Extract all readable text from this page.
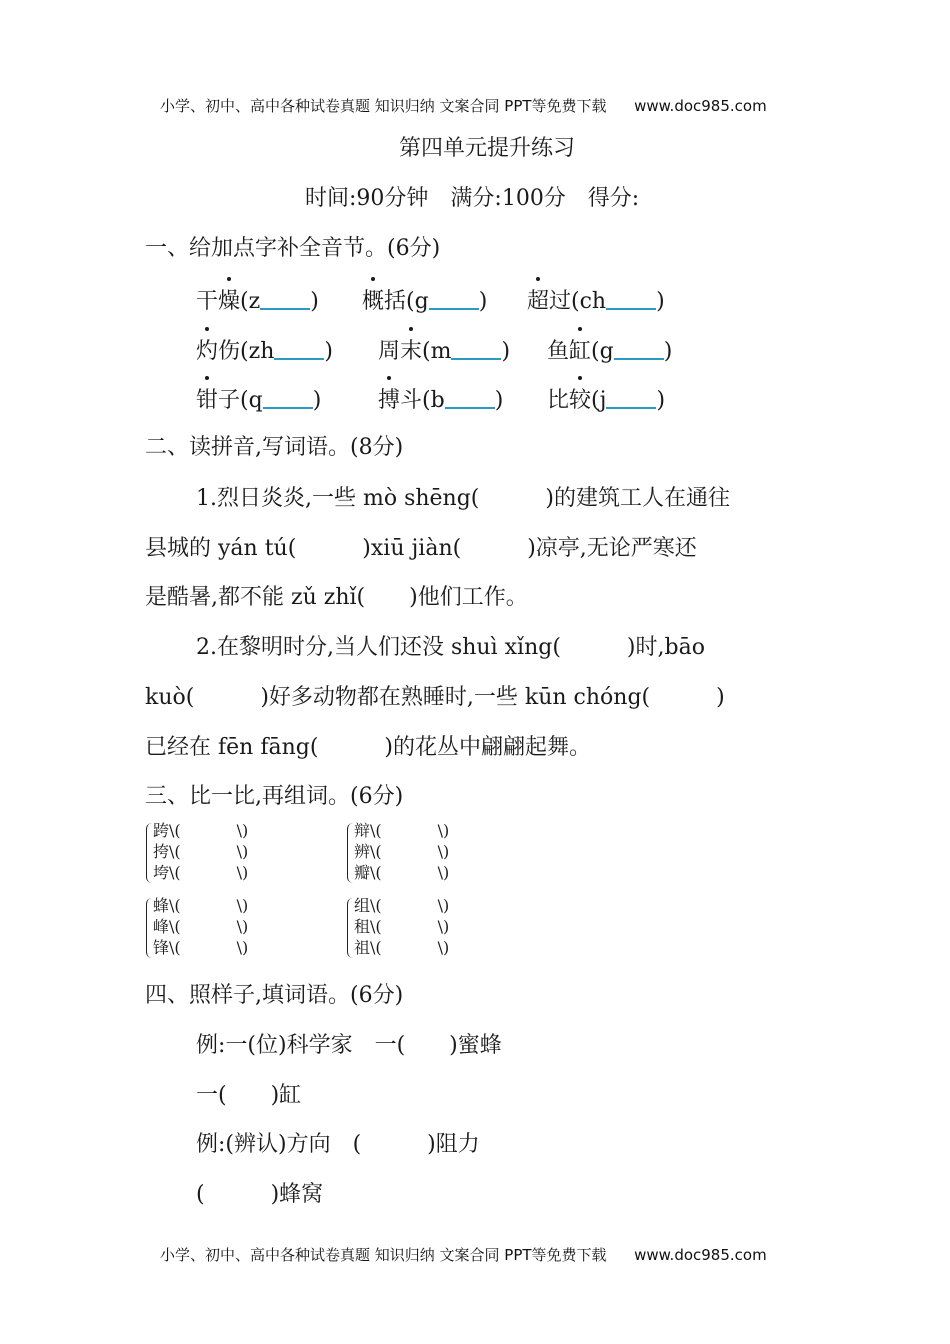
小学、初中、高中各种试卷真题 知识归纳 文案合同 PPT等免费下载 www.doc985.com
第四单元提升练习
时间:90分钟　满分:100分　得分:
一、给加点字补全音节。(6分)
干燥(z ) 概括(g ) 超过(ch )
灼伤(zh ) 周末(m ) 鱼缸(g )
钳子(q )	搏斗(b ) 比较(j )
二、读拼音,写词语。(8分)
1.烈日炎炎,一些 mò shēng(　　　)的建筑工人在通往
县城的 yán tú(　　　)xiū jiàn(　　　)凉亭,无论严寒还
是酷暑,都不能 zǔ zhǐ(　　)他们工作。
2.在黎明时分,当人们还没 shuì xǐng(　　　)时,bāo
kuò(　　　)好多动物都在熟睡时,一些 kūn chóng(　　　)
已经在 fēn fāng(　　　)的花丛中翩翩起舞。
三、比一比,再组词。(6分)
跨\(	\)
挎\(	\)
垮\(	\)
辩\(	\)
辨\(	\)
瓣\(	\)
蜂\(	\)
峰\(	\)
锋\(	\)
组\(	\)
租\(	\)
祖\(	\)
四、照样子,填词语。(6分)
例:一(位)科学家　一(　　)蜜蜂
一(　　)缸
例:(辨认)方向　(　　　)阻力
(　　　)蜂窝
小学、初中、高中各种试卷真题 知识归纳 文案合同 PPT等免费下载 www.doc985.com
